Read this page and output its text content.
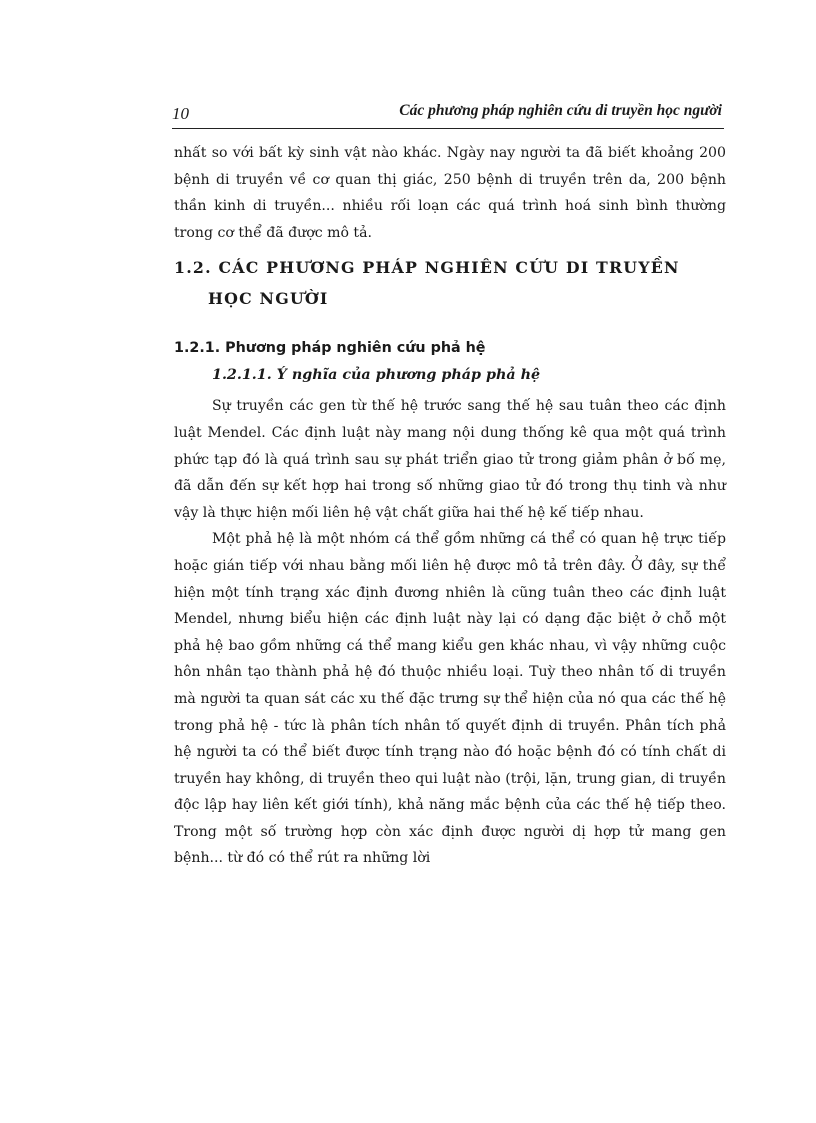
10	Các phương pháp nghiên cứu di truyền học người

nhất so với bất kỳ sinh vật nào khác. Ngày nay người ta đã biết khoảng 200 bệnh di truyền về cơ quan thị giác, 250 bệnh di truyền trên da, 200 bệnh thần kinh di truyền... nhiều rối loạn các quá trình hoá sinh bình thường trong cơ thể đã được mô tả.

1.2. CÁC PHƯƠNG PHÁP NGHIÊN CỨU DI TRUYỀN HỌC NGƯỜI
1.2.1. Phương pháp nghiên cứu phả hệ
1.2.1.1. Ý nghĩa của phương pháp phả hệ

Sự truyền các gen từ thế hệ trước sang thế hệ sau tuân theo các định luật Mendel. Các định luật này mang nội dung thống kê qua một quá trình phức tạp đó là quá trình sau sự phát triển giao tử trong giảm phân ở bố mẹ, đã dẫn đến sự kết hợp hai trong số những giao tử đó trong thụ tinh và như vậy là thực hiện mối liên hệ vật chất giữa hai thế hệ kế tiếp nhau.

Một phả hệ là một nhóm cá thể gồm những cá thể có quan hệ trực tiếp hoặc gián tiếp với nhau bằng mối liên hệ được mô tả trên đây. Ở đây, sự thể hiện một tính trạng xác định đương nhiên là cũng tuân theo các định luật Mendel, nhưng biểu hiện các định luật này lại có dạng đặc biệt ở chỗ một phả hệ bao gồm những cá thể mang kiểu gen khác nhau, vì vậy những cuộc hôn nhân tạo thành phả hệ đó thuộc nhiều loại. Tuỳ theo nhân tố di truyền mà người ta quan sát các xu thế đặc trưng sự thể hiện của nó qua các thế hệ trong phả hệ - tức là phân tích nhân tố quyết định di truyền. Phân tích phả hệ người ta có thể biết được tính trạng nào đó hoặc bệnh đó có tính chất di truyền hay không, di truyền theo qui luật nào (trội, lặn, trung gian, di truyền độc lập hay liên kết giới tính), khả năng mắc bệnh của các thế hệ tiếp theo. Trong một số trường hợp còn xác định được người dị hợp tử mang gen bệnh... từ đó có thể rút ra những lời
